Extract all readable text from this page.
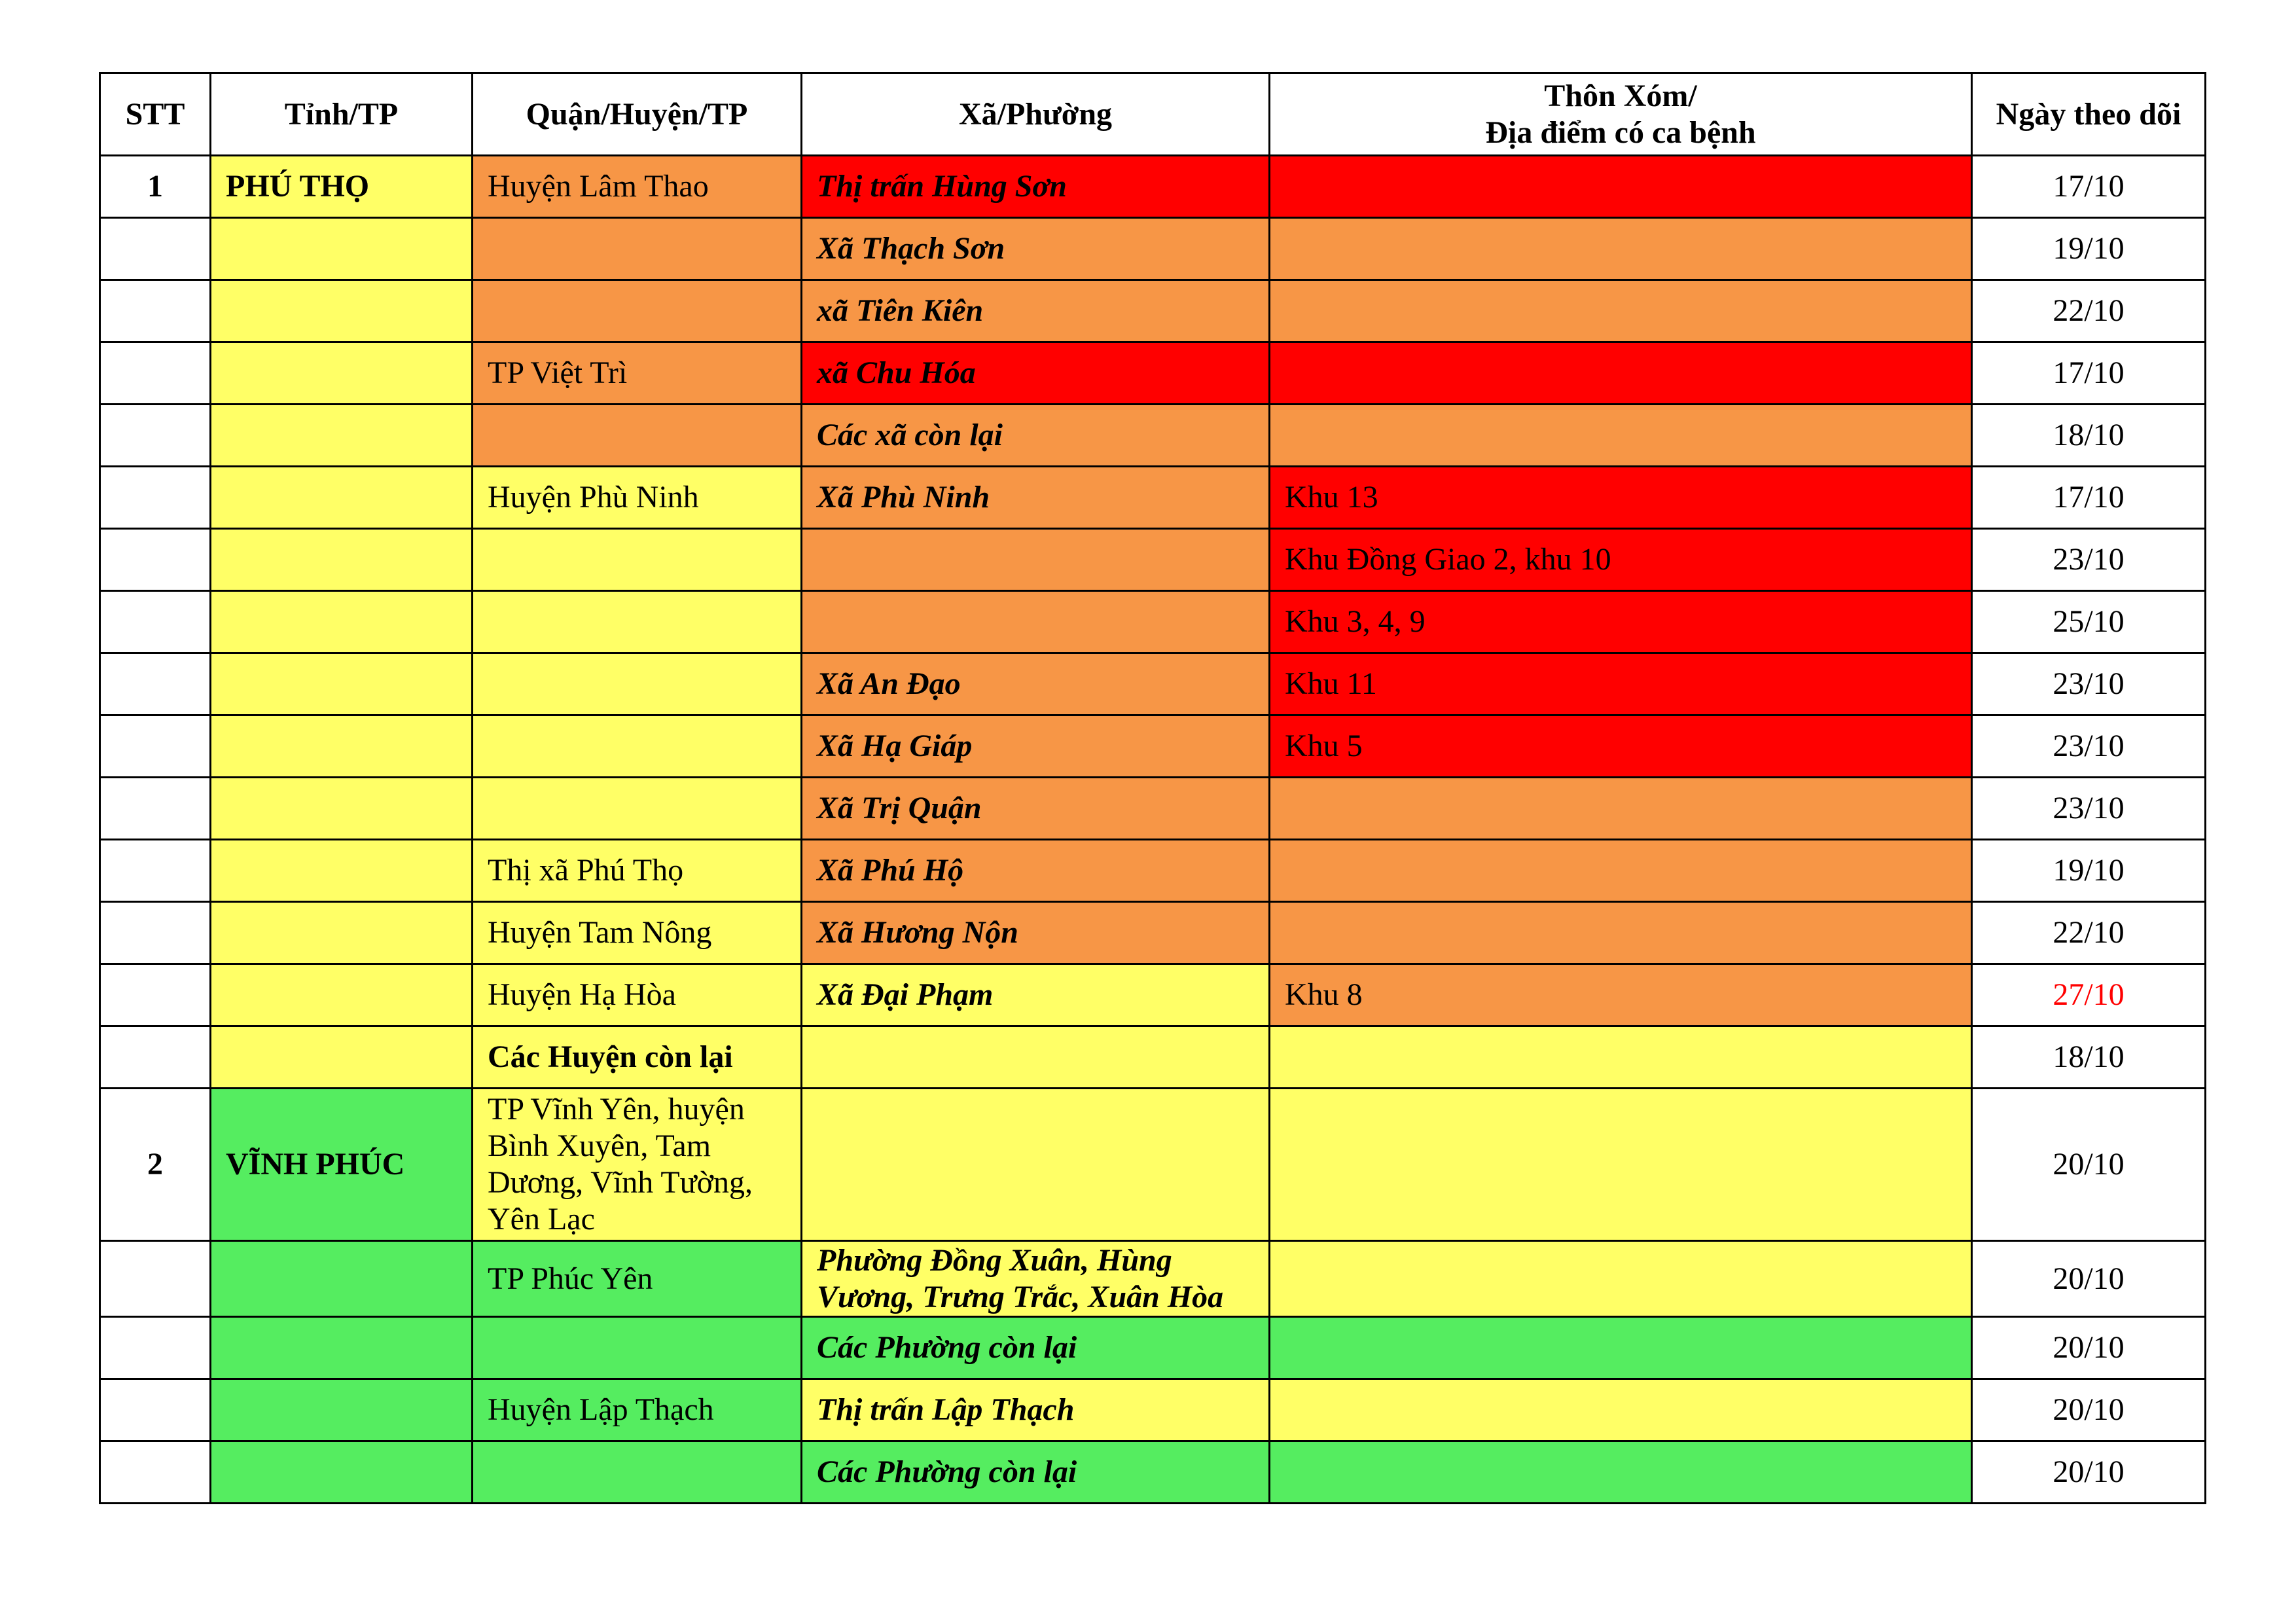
STT	Tỉnh/TP	Quận/Huyện/TP	Xã/Phường	Thôn Xóm/
Địa điểm có ca bệnh	Ngày theo dõi
1	PHÚ THỌ	Huyện Lâm Thao	Thị trấn Hùng Sơn		17/10
			Xã Thạch Sơn		19/10
			xã Tiên Kiên		22/10
		TP Việt Trì	xã Chu Hóa		17/10
			Các xã còn lại		18/10
		Huyện Phù Ninh	Xã Phù Ninh	Khu 13	17/10
				Khu Đồng Giao 2, khu 10	23/10
				Khu 3, 4, 9	25/10
			Xã An Đạo	Khu 11	23/10
			Xã Hạ Giáp	Khu 5	23/10
			Xã Trị Quận		23/10
		Thị xã Phú Thọ	Xã Phú Hộ		19/10
		Huyện Tam Nông	Xã Hương Nộn		22/10
		Huyện Hạ Hòa	Xã Đại Phạm	Khu 8	27/10
		Các Huyện còn lại			18/10
2	VĨNH PHÚC	TP Vĩnh Yên, huyện Bình Xuyên, Tam Dương, Vĩnh Tường, Yên Lạc			20/10
		TP Phúc Yên	Phường Đồng Xuân, Hùng Vương, Trưng Trắc, Xuân Hòa		20/10
			Các Phường còn lại		20/10
		Huyện Lập Thạch	Thị trấn Lập Thạch		20/10
			Các Phường còn lại		20/10
